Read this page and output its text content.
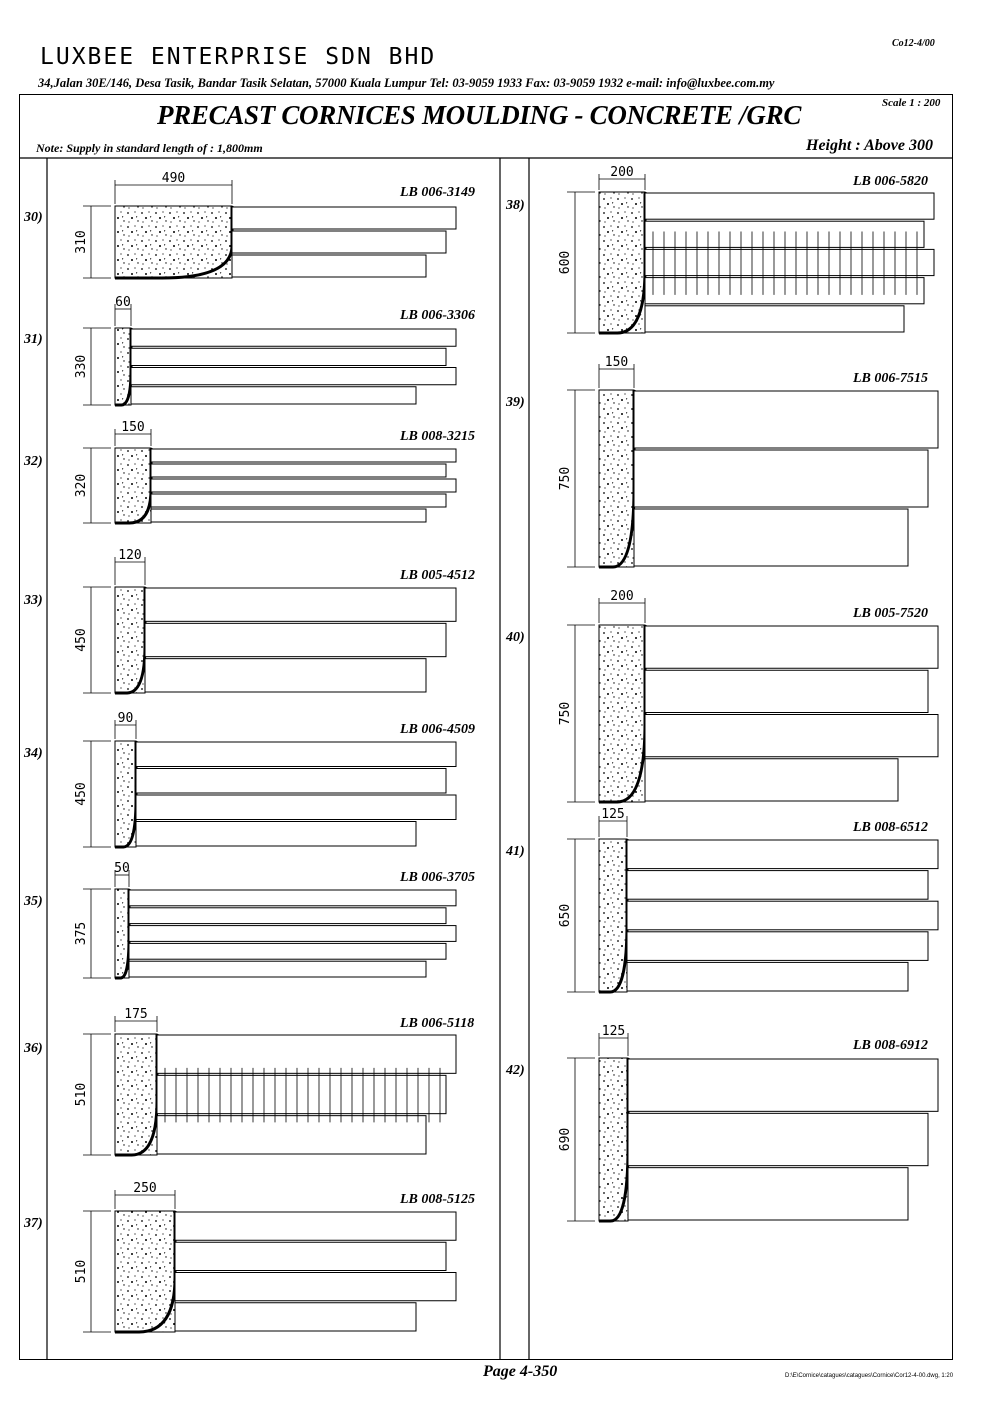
LUXBEE ENTERPRISE SDN BHD
Co12-4/00
34,Jalan 30E/146, Desa Tasik, Bandar Tasik Selatan, 57000 Kuala Lumpur Tel: 03-9059 1933 Fax: 03-9059 1932 e-mail: info@luxbee.com.my
PRECAST CORNICES MOULDING - CONCRETE /GRC	Scale 1 : 200
Note: Supply in standard length of : 1,800mm	Height : Above 300
310
490
330
60
320
150
450
120
450
90
375
50
510
175
510
250
600
200
750
150
750
200
650
125
690
125
Page 4-350	D:\E\Cornice\catagues\catagues\Cornice\Cor12-4-00.dwg, 1:20
30)
LB 006-3149
31)
LB 006-3306
32)
LB 008-3215
33)
LB 005-4512
34)
LB 006-4509
35)
LB 006-3705
36)
LB 006-5118
37)
LB 008-5125
38)
LB 006-5820
39)
LB 006-7515
40)
LB 005-7520
41)
LB 008-6512
42)
LB 008-6912
